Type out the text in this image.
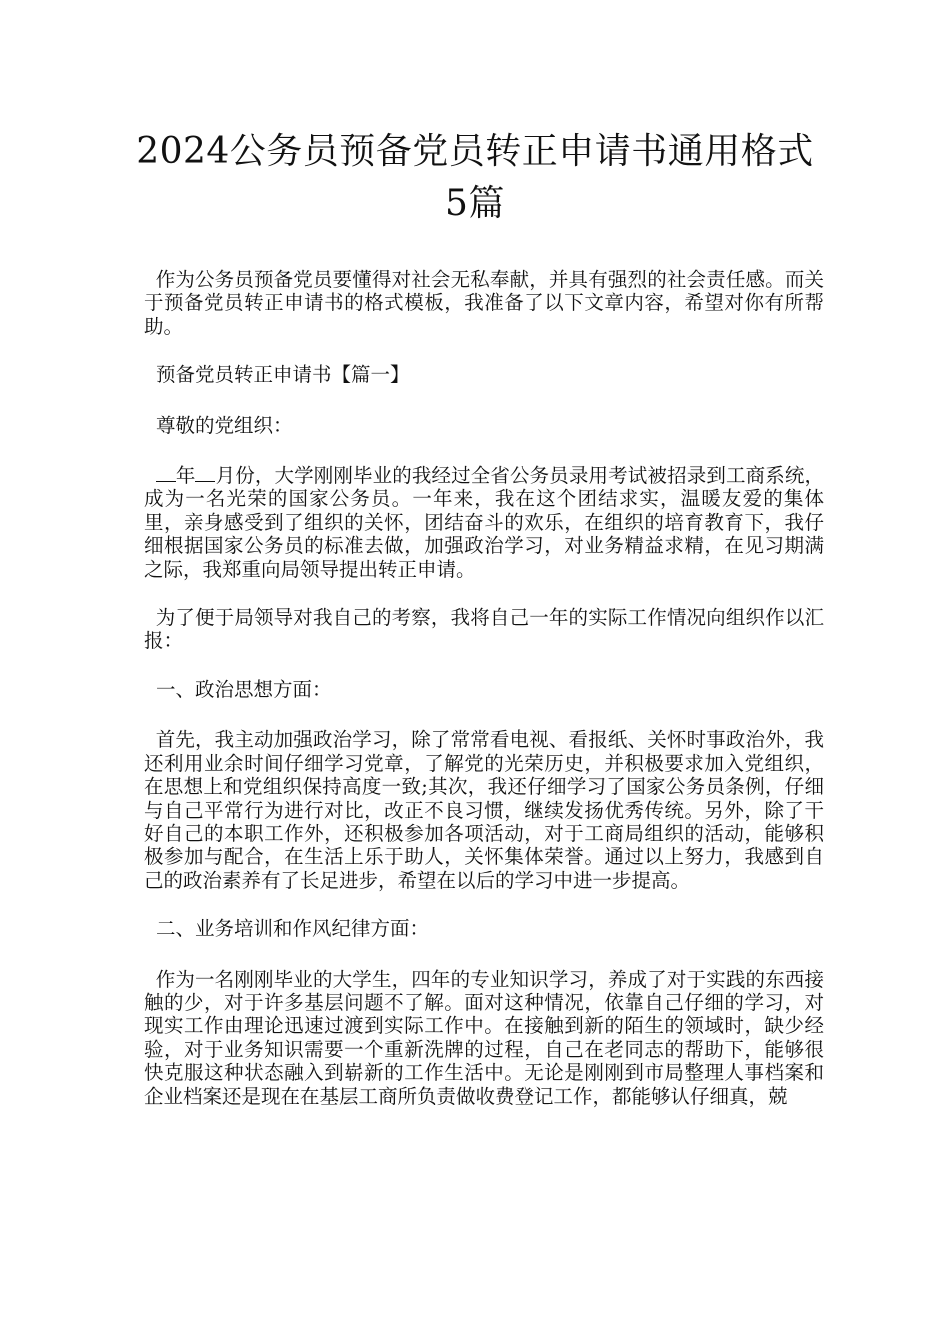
2024公务员预备党员转正申请书通用格式
5篇

作为公务员预备党员要懂得对社会无私奉献，并具有强烈的社会责任感。而关于预备党员转正申请书的格式模板，我准备了以下文章内容，希望对你有所帮助。

预备党员转正申请书【篇一】

尊敬的党组织：

年 月份，大学刚刚毕业的我经过全省公务员录用考试被招录到工商系统，成为一名光荣的国家公务员。一年来，我在这个团结求实，温暖友爱的集体里，亲身感受到了组织的关怀，团结奋斗的欢乐，在组织的培育教育下，我仔细根据国家公务员的标准去做，加强政治学习，对业务精益求精，在见习期满之际，我郑重向局领导提出转正申请。

为了便于局领导对我自己的考察，我将自己一年的实际工作情况向组织作以汇报：

一、政治思想方面：

首先，我主动加强政治学习，除了常常看电视、看报纸、关怀时事政治外，我还利用业余时间仔细学习党章，了解党的光荣历史，并积极要求加入党组织，在思想上和党组织保持高度一致;其次，我还仔细学习了国家公务员条例，仔细与自己平常行为进行对比，改正不良习惯，继续发扬优秀传统。另外，除了干好自己的本职工作外，还积极参加各项活动，对于工商局组织的活动，能够积极参加与配合，在生活上乐于助人，关怀集体荣誉。通过以上努力，我感到自己的政治素养有了长足进步，希望在以后的学习中进一步提高。

二、业务培训和作风纪律方面：

作为一名刚刚毕业的大学生，四年的专业知识学习，养成了对于实践的东西接触的少，对于许多基层问题不了解。面对这种情况，依靠自己仔细的学习，对现实工作由理论迅速过渡到实际工作中。在接触到新的陌生的领域时，缺少经验，对于业务知识需要一个重新洗牌的过程，自己在老同志的帮助下，能够很快克服这种状态融入到崭新的工作生活中。无论是刚刚到市局整理人事档案和企业档案还是现在在基层工商所负责做收费登记工作，都能够认仔细真，兢
